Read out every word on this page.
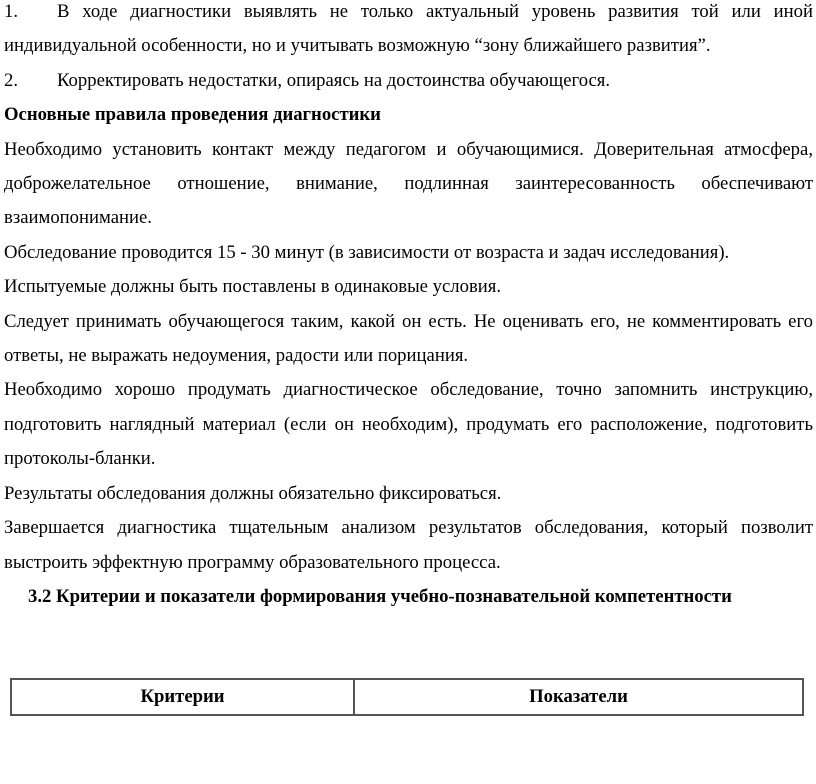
1. В ходе диагностики выявлять не только актуальный уровень развития той или иной индивидуальной особенности, но и учитывать возможную “зону ближайшего развития”.

2. Корректировать недостатки, опираясь на достоинства обучающегося.

Основные правила проведения диагностики

Необходимо установить контакт между педагогом и обучающимися. Доверительная атмосфера, доброжелательное отношение, внимание, подлинная заинтересованность обеспечивают взаимопонимание.

Обследование проводится 15 - 30 минут (в зависимости от возраста и задач исследования).

Испытуемые должны быть поставлены в одинаковые условия.

Следует принимать обучающегося таким, какой он есть. Не оценивать его, не комментировать его ответы, не выражать недоумения, радости или порицания.

Необходимо хорошо продумать диагностическое обследование, точно запомнить инструкцию, подготовить наглядный материал (если он необходим), продумать его расположение, подготовить протоколы-бланки.

Результаты обследования должны обязательно фиксироваться.

Завершается диагностика тщательным анализом результатов обследования, который позволит выстроить эффектную программу образовательного процесса.

3.2 Критерии и показатели формирования учебно-познавательной компетентности

Критерии	Показатели
